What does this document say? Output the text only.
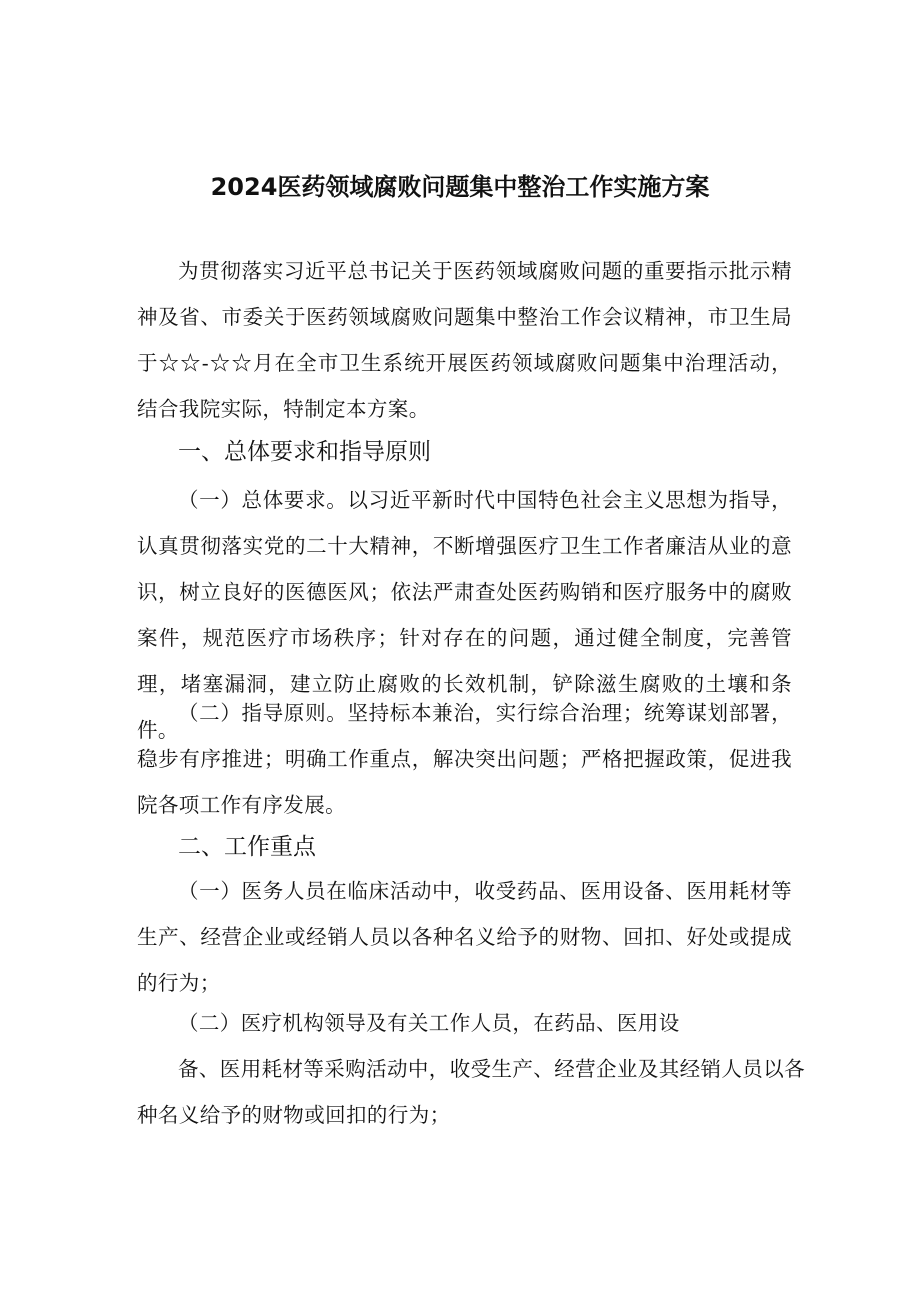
2024医药领域腐败问题集中整治工作实施方案
为贯彻落实习近平总书记关于医药领域腐败问题的重要指示批示精神及省、市委关于医药领域腐败问题集中整治工作会议精神，市卫生局于☆☆-☆☆月在全市卫生系统开展医药领域腐败问题集中治理活动，结合我院实际，特制定本方案。
一、总体要求和指导原则
（一）总体要求。以习近平新时代中国特色社会主义思想为指导，认真贯彻落实党的二十大精神，不断增强医疗卫生工作者廉洁从业的意识，树立良好的医德医风；依法严肃查处医药购销和医疗服务中的腐败案件，规范医疗市场秩序；针对存在的问题，通过健全制度，完善管理，堵塞漏洞，建立防止腐败的长效机制，铲除滋生腐败的土壤和条件。
（二）指导原则。坚持标本兼治，实行综合治理；统筹谋划部署，稳步有序推进；明确工作重点，解决突出问题；严格把握政策，促进我院各项工作有序发展。
二、工作重点
（一）医务人员在临床活动中，收受药品、医用设备、医用耗材等生产、经营企业或经销人员以各种名义给予的财物、回扣、好处或提成的行为；
（二）医疗机构领导及有关工作人员，在药品、医用设
备、医用耗材等采购活动中，收受生产、经营企业及其经销人员以各
种名义给予的财物或回扣的行为；
